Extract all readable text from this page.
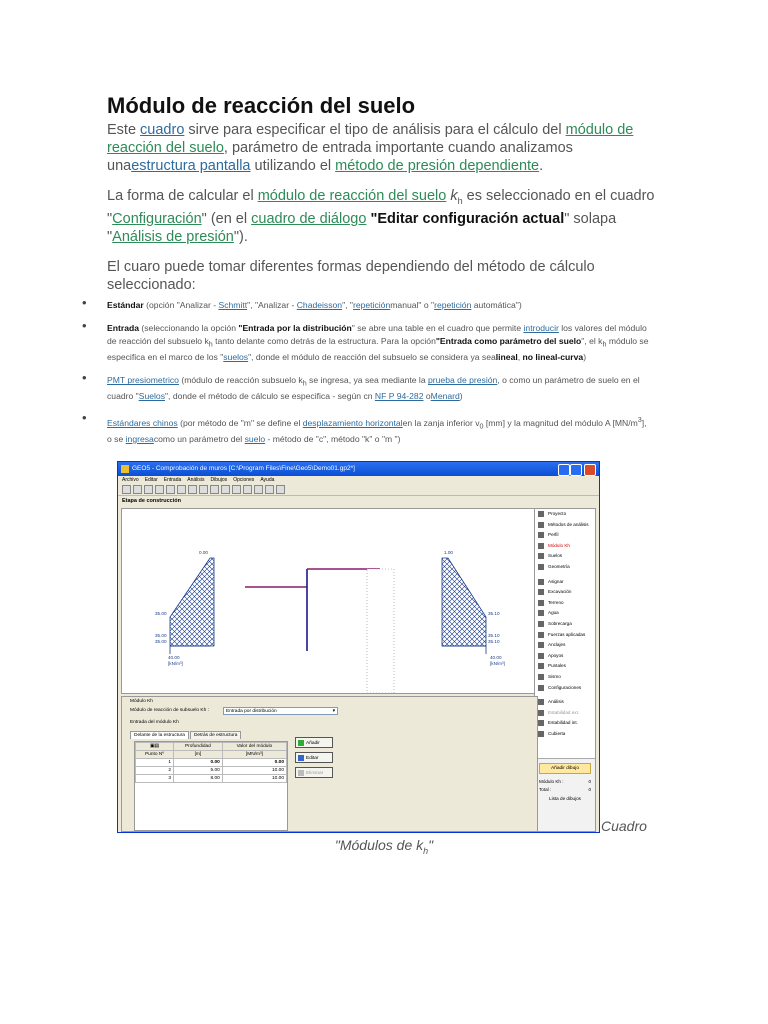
Módulo de reacción del suelo

Este cuadro sirve para especificar el tipo de análisis para el cálculo del módulo de reacción del suelo, parámetro de entrada importante cuando analizamos unaestructura pantalla utilizando el método de presión dependiente.

La forma de calcular el módulo de reacción del suelo $k_h$ es seleccionado en el cuadro "Configuración" (en el cuadro de diálogo "Editar configuración actual" solapa "Análisis de presión").

El cuaro puede tomar diferentes formas dependiendo del método de cálculo seleccionado:

• Estándar (opción "Analizar - Schmitt", "Analizar - Chadeisson", "repeticiónmanual" o "repetición automática")
• Entrada (seleccionando la opción "Entrada por la distribución" se abre una table en el cuadro que permite introducir los valores del módulo de reacción del subsuelo $k_h$ tanto delante como detrás de la estructura. Para la opción"Entrada como parámetro del suelo", el $k_h$ módulo se especifica en el marco de los "suelos", donde el módulo de reacción del subsuelo se considera ya sealineal, no lineal-curva)
• PMT presiometrico (módulo de reacción subsuelo $k_h$ se ingresa, ya sea mediante la prueba de presión, o como un parámetro de suelo en el cuadro "Suelos", donde el método de cálculo se especifica - según cn NF P 94-282 oMenard)
• Estándares chinos (por método de "m" se define el desplazamiento horizontalen la zanja inferior $v_0$ [mm] y la magnitud del módulo A $[MN/m^3]$, o se ingresacomo un parámetro del suelo - método de "c", método "k" o "m ")
GEO5 - Comprobación de muros [C:\Program Files\Fine\Geo5\Demo01.gp2*]
Archivo Editar Entrada Análisis Dibujos Opciones Ayuda
Etapa de construcción
0.00
35.00
35.00
35.00
40.00
[kN/m³]
1.00
35.10
35.10
35.10
40.00
[kN/m³]
Proyecto
Métodos de análisis
Perfil
Módulo Kh
Suelos
Geometría
Asignar
Excavación
Terreno
Agua
Sobrecarga
Fuerzas aplicadas
Anclajes
Apoyos
Puntales
Sismo
Configuraciones
Análisis
Estabilidad ext.
Estabilidad int.
Cubierta
Añadir dibujo
Módulo Kh :	0
Total :	0
Lista de dibujos
Módulo Kh
Módulo de reacción de subsuelo Kh :	Entrada por distribución	▾
Entrada del módulo Kh
Delante de la estructura Detrás de estructura
▣▤	Profundidad	Valor del módulo
Punto Nº	[m]	[MN/m³]
1	0.00	0.00
2	5.00	10.00
3	8.00	10.00
Añadir
Editar
Eliminar
Cuadro
"Módulos de $k_h$"
